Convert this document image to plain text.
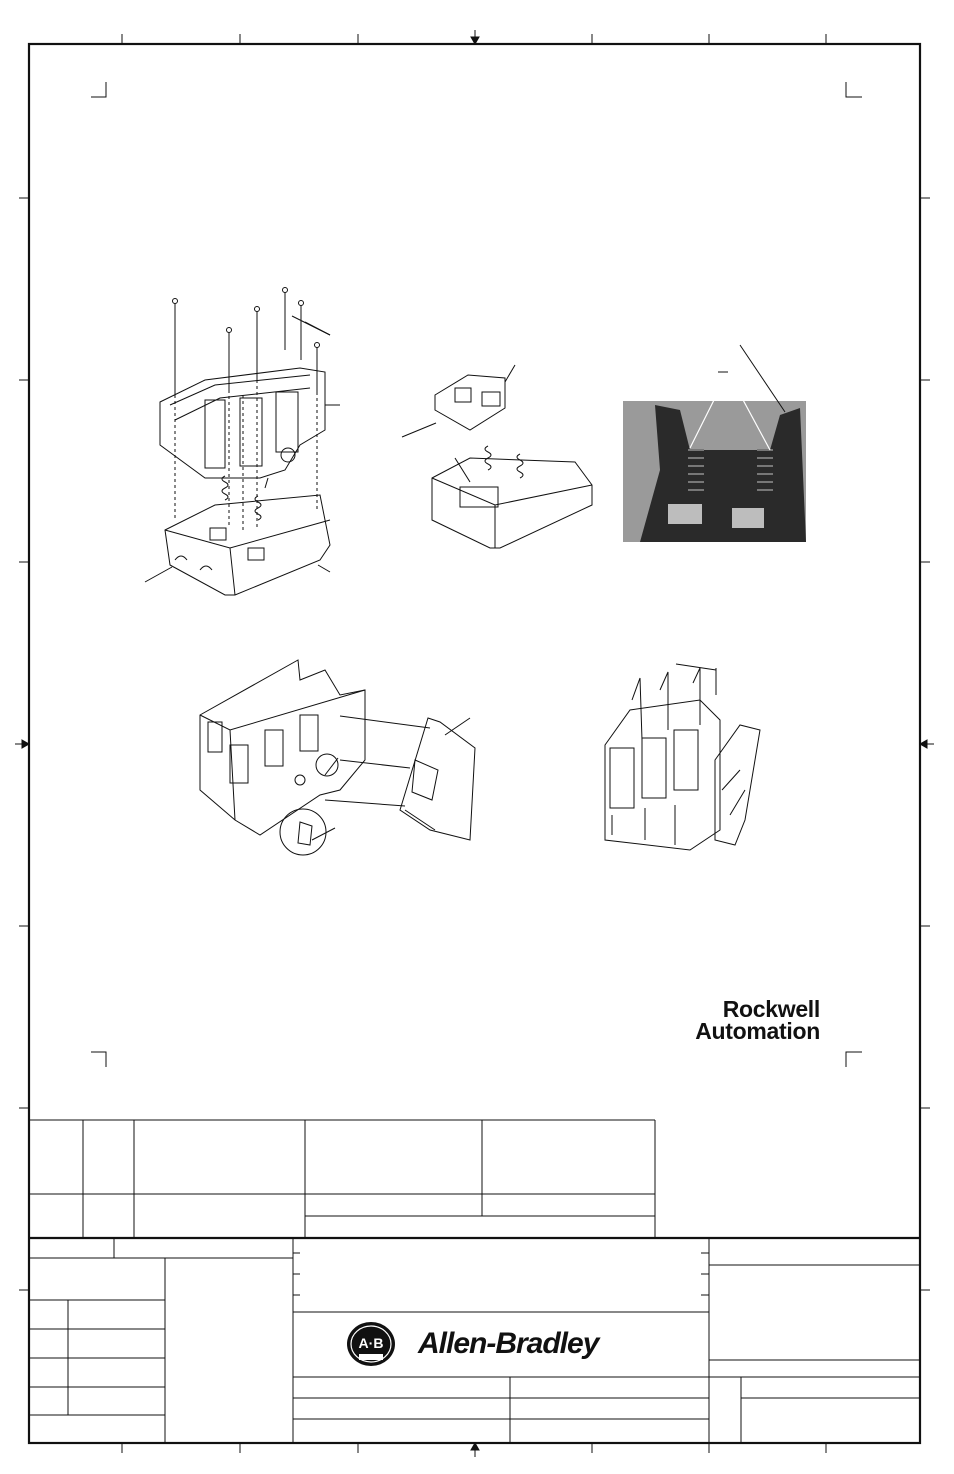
Rockwell
Automation
A·B Allen-Bradley
